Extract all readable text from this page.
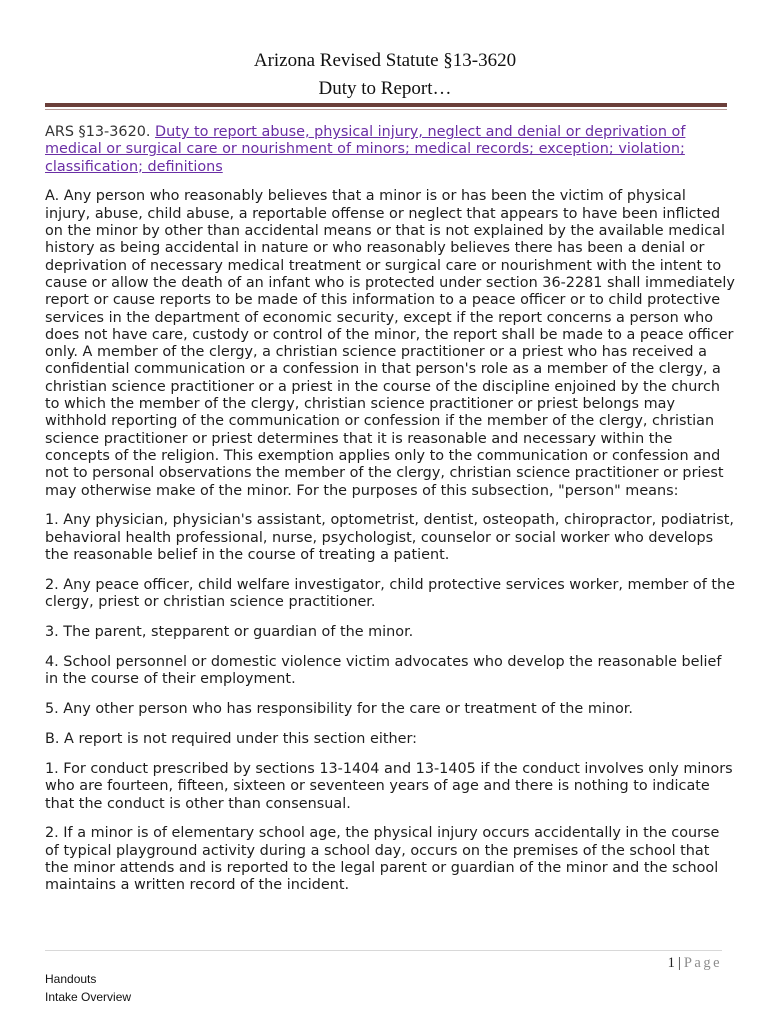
Arizona Revised Statute §13-3620
Duty to Report…

ARS §13-3620. Duty to report abuse, physical injury, neglect and denial or deprivation of medical or surgical care or nourishment of minors; medical records; exception; violation; classification; definitions

A. Any person who reasonably believes that a minor is or has been the victim of physical injury, abuse, child abuse, a reportable offense or neglect that appears to have been inflicted on the minor by other than accidental means or that is not explained by the available medical history as being accidental in nature or who reasonably believes there has been a denial or deprivation of necessary medical treatment or surgical care or nourishment with the intent to cause or allow the death of an infant who is protected under section 36-2281 shall immediately report or cause reports to be made of this information to a peace officer or to child protective services in the department of economic security, except if the report concerns a person who does not have care, custody or control of the minor, the report shall be made to a peace officer only. A member of the clergy, a christian science practitioner or a priest who has received a confidential communication or a confession in that person's role as a member of the clergy, a christian science practitioner or a priest in the course of the discipline enjoined by the church to which the member of the clergy, christian science practitioner or priest belongs may withhold reporting of the communication or confession if the member of the clergy, christian science practitioner or priest determines that it is reasonable and necessary within the concepts of the religion. This exemption applies only to the communication or confession and not to personal observations the member of the clergy, christian science practitioner or priest may otherwise make of the minor. For the purposes of this subsection, "person" means:

1. Any physician, physician's assistant, optometrist, dentist, osteopath, chiropractor, podiatrist, behavioral health professional, nurse, psychologist, counselor or social worker who develops the reasonable belief in the course of treating a patient.

2. Any peace officer, child welfare investigator, child protective services worker, member of the clergy, priest or christian science practitioner.

3. The parent, stepparent or guardian of the minor.

4. School personnel or domestic violence victim advocates who develop the reasonable belief in the course of their employment.

5. Any other person who has responsibility for the care or treatment of the minor.

B. A report is not required under this section either:

1. For conduct prescribed by sections 13-1404 and 13-1405 if the conduct involves only minors who are fourteen, fifteen, sixteen or seventeen years of age and there is nothing to indicate that the conduct is other than consensual.

2. If a minor is of elementary school age, the physical injury occurs accidentally in the course of typical playground activity during a school day, occurs on the premises of the school that the minor attends and is reported to the legal parent or guardian of the minor and the school maintains a written record of the incident.

1 | Page
Handouts
Intake Overview
